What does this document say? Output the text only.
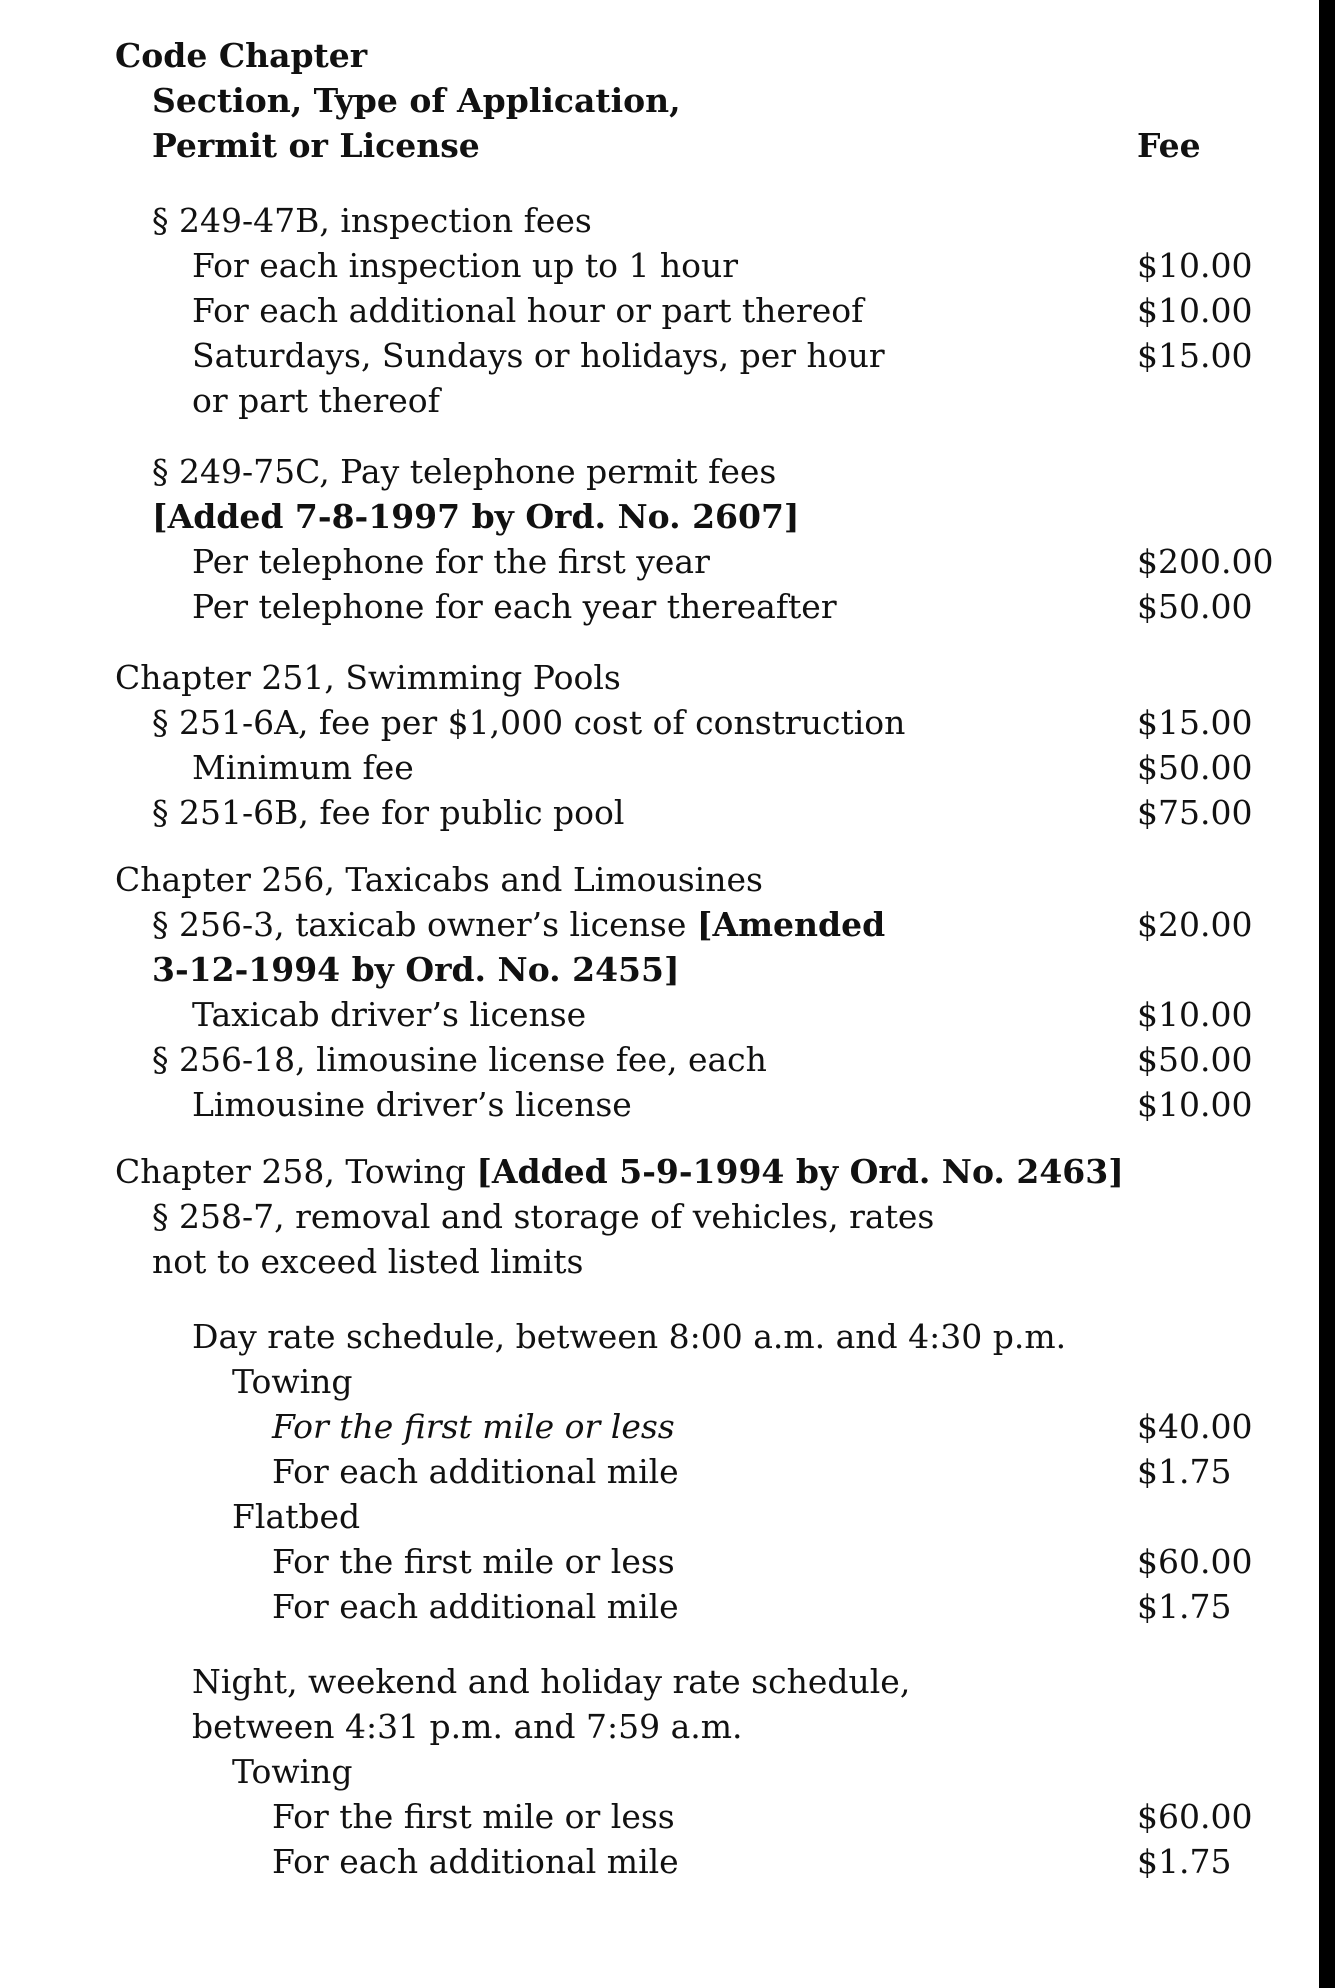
Code Chapter
Section, Type of Application,
Permit or License	Fee
§ 249-47B, inspection fees
For each inspection up to 1 hour	$10.00
For each additional hour or part thereof	$10.00
Saturdays, Sundays or holidays, per hour	$15.00
or part thereof
§ 249-75C, Pay telephone permit fees
[Added 7-8-1997 by Ord. No. 2607]
Per telephone for the first year	$200.00
Per telephone for each year thereafter	$50.00
Chapter 251, Swimming Pools
§ 251-6A, fee per $1,000 cost of construction	$15.00
Minimum fee	$50.00
§ 251-6B, fee for public pool	$75.00
Chapter 256, Taxicabs and Limousines
§ 256-3, taxicab owner’s license [Amended	$20.00
3-12-1994 by Ord. No. 2455]
Taxicab driver’s license	$10.00
§ 256-18, limousine license fee, each	$50.00
Limousine driver’s license	$10.00
Chapter 258, Towing [Added 5-9-1994 by Ord. No. 2463]
§ 258-7, removal and storage of vehicles, rates
not to exceed listed limits
Day rate schedule, between 8:00 a.m. and 4:30 p.m.
Towing
For the first mile or less	$40.00
For each additional mile	$1.75
Flatbed
For the first mile or less	$60.00
For each additional mile	$1.75
Night, weekend and holiday rate schedule,
between 4:31 p.m. and 7:59 a.m.
Towing
For the first mile or less	$60.00
For each additional mile	$1.75
